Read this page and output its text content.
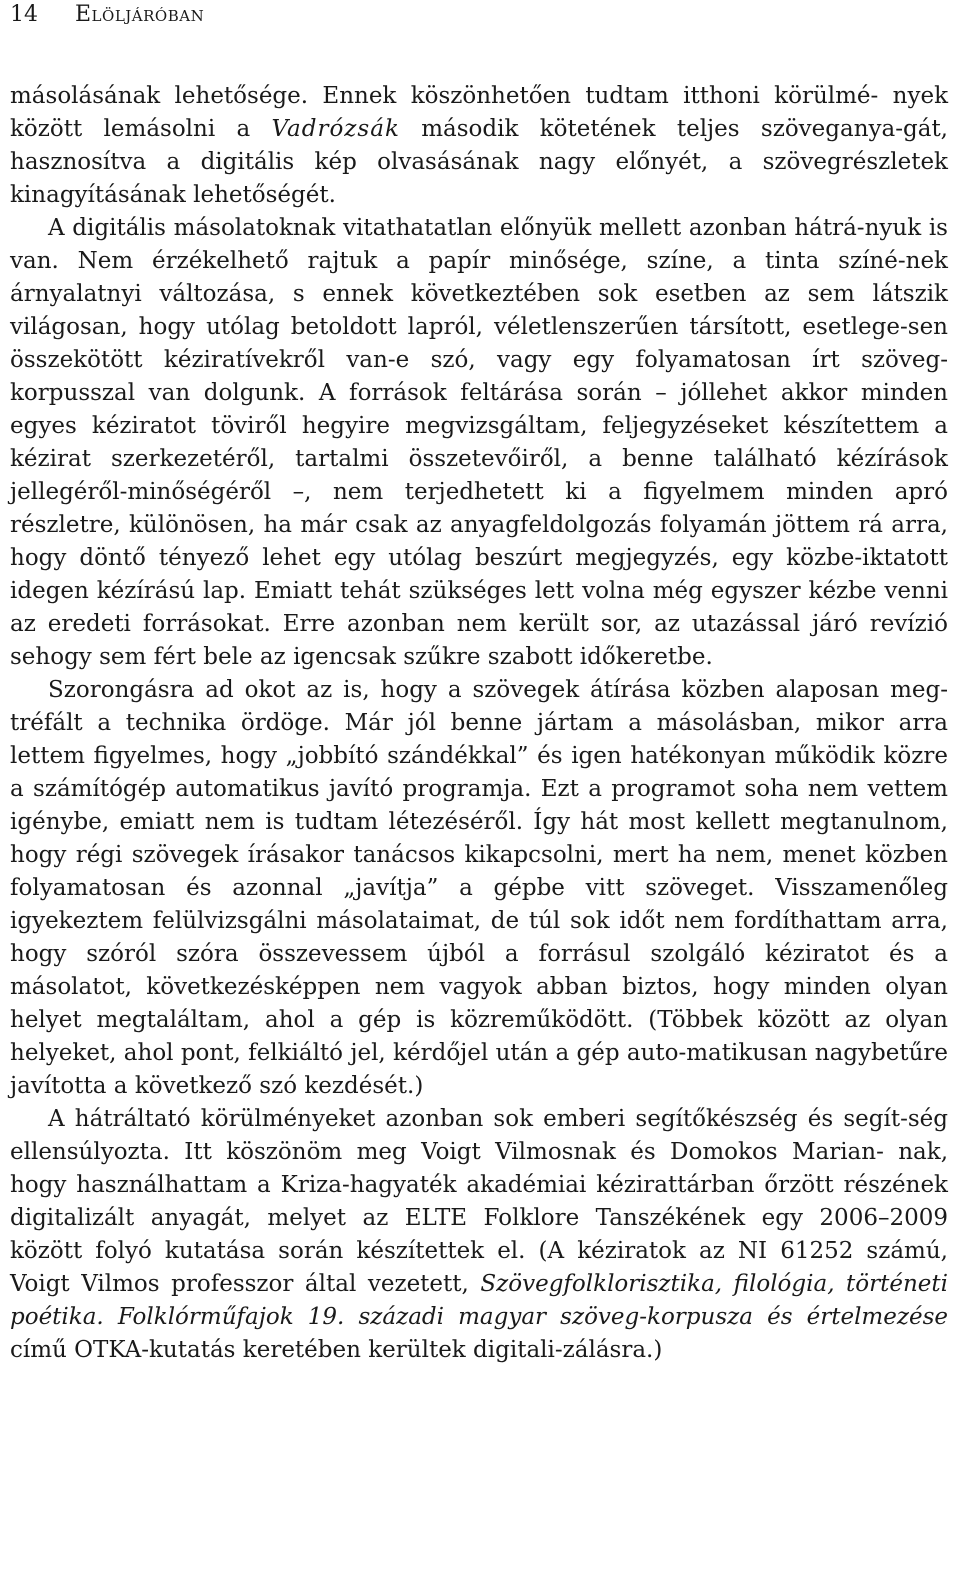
14 Elöljáróban

másolásának lehetősége. Ennek köszönhetően tudtam itthoni körülmé- nyek között lemásolni a Vadrózsák második kötetének teljes szöveganya-gát, hasznosítva a digitális kép olvasásának nagy előnyét, a szövegrészletek kinagyításának lehetőségét.

A digitális másolatoknak vitathatatlan előnyük mellett azonban hátrá-nyuk is van. Nem érzékelhető rajtuk a papír minősége, színe, a tinta színé-nek árnyalatnyi változása, s ennek következtében sok esetben az sem látszik világosan, hogy utólag betoldott lapról, véletlenszerűen társított, esetlege-sen összekötött kéziratívekről van-e szó, vagy egy folyamatosan írt szöveg-korpusszal van dolgunk. A források feltárása során – jóllehet akkor minden egyes kéziratot töviről hegyire megvizsgáltam, feljegyzéseket készítettem a kézirat szerkezetéről, tartalmi összetevőiről, a benne található kézírások jellegéről-minőségéről –, nem terjedhetett ki a figyelmem minden apró részletre, különösen, ha már csak az anyagfeldolgozás folyamán jöttem rá arra, hogy döntő tényező lehet egy utólag beszúrt megjegyzés, egy közbe-iktatott idegen kézírású lap. Emiatt tehát szükséges lett volna még egyszer kézbe venni az eredeti forrásokat. Erre azonban nem került sor, az utazással járó revízió sehogy sem fért bele az igencsak szűkre szabott időkeretbe.

Szorongásra ad okot az is, hogy a szövegek átírása közben alaposan meg-tréfált a technika ördöge. Már jól benne jártam a másolásban, mikor arra lettem figyelmes, hogy „jobbító szándékkal” és igen hatékonyan működik közre a számítógép automatikus javító programja. Ezt a programot soha nem vettem igénybe, emiatt nem is tudtam létezéséről. Így hát most kellett megtanulnom, hogy régi szövegek írásakor tanácsos kikapcsolni, mert ha nem, menet közben folyamatosan és azonnal „javítja” a gépbe vitt szöveget. Visszamenőleg igyekeztem felülvizsgálni másolataimat, de túl sok időt nem fordíthattam arra, hogy szóról szóra összevessem újból a forrásul szolgáló kéziratot és a másolatot, következésképpen nem vagyok abban biztos, hogy minden olyan helyet megtaláltam, ahol a gép is közreműködött. (Többek között az olyan helyeket, ahol pont, felkiáltó jel, kérdőjel után a gép auto-matikusan nagybetűre javította a következő szó kezdését.)

A hátráltató körülményeket azonban sok emberi segítőkészség és segít-ség ellensúlyozta. Itt köszönöm meg Voigt Vilmosnak és Domokos Marian- nak, hogy használhattam a Kriza-hagyaték akadémiai kézirattárban őrzött részének digitalizált anyagát, melyet az ELTE Folklore Tanszékének egy 2006–2009 között folyó kutatása során készítettek el. (A kéziratok az NI 61252 számú, Voigt Vilmos professzor által vezetett, Szövegfolklorisztika, filológia, történeti poétika. Folklórműfajok 19. századi magyar szöveg-korpusza és értelmezése című OTKA-kutatás keretében kerültek digitali-zálásra.)
